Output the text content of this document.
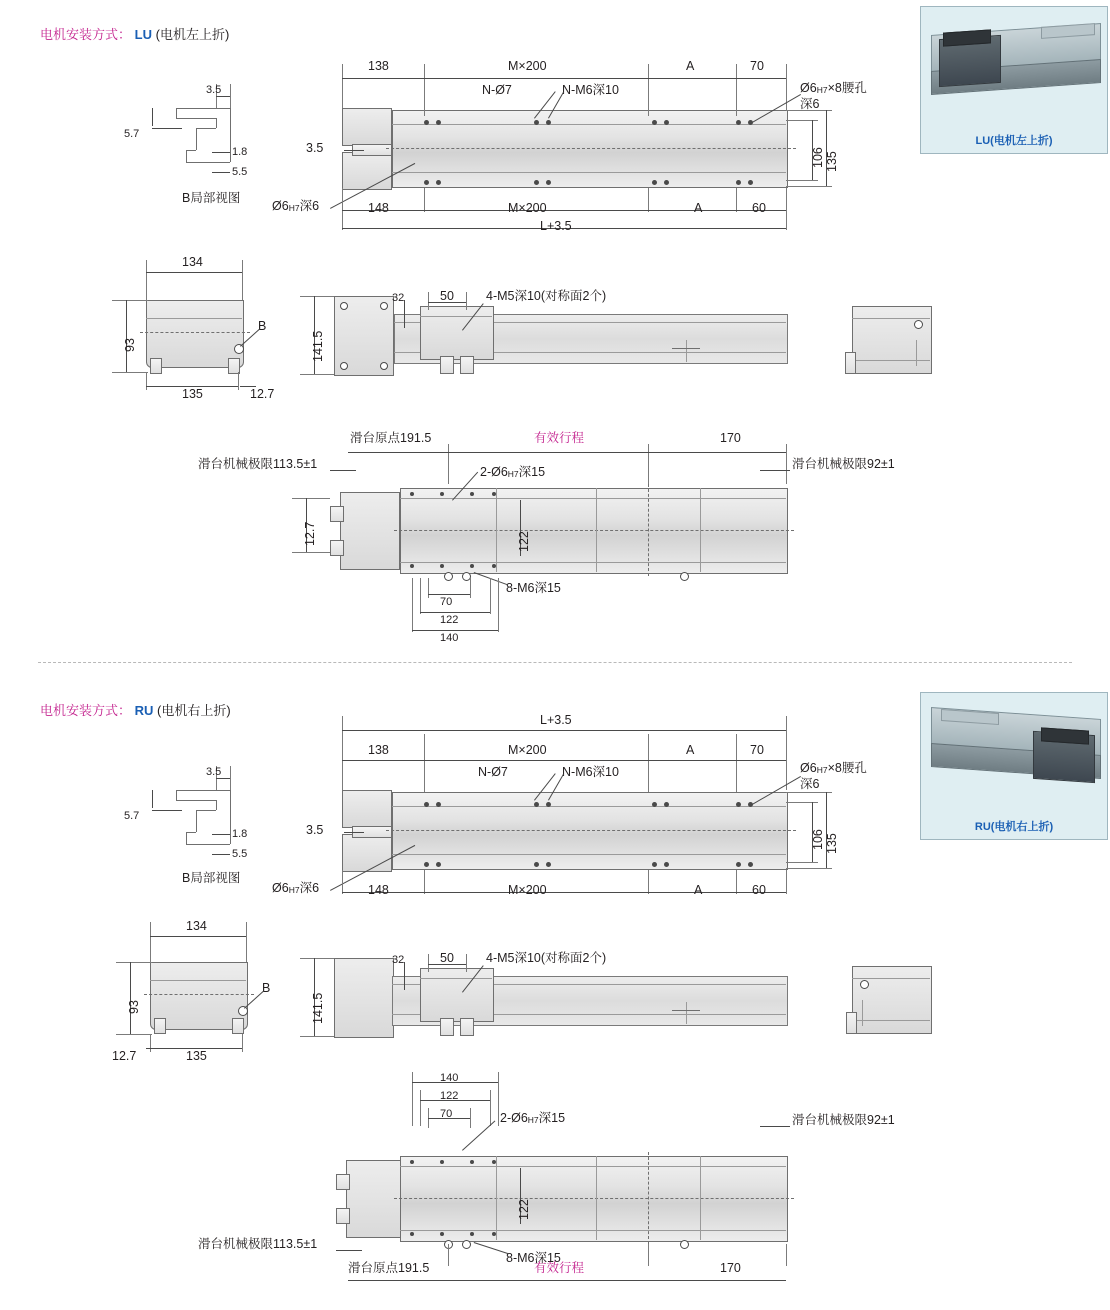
电机安装方式： LU (电机左上折)
LU(电机左上折)
3.5
5.7
1.8
5.5
B局部视图
138	M×200	A	70
N-Ø7	N-M6深10	Ø6H7×8腰孔
深6
Ø6H7深6
3.5	106 135
148	M×200	A	60
L+3.5
134
93
135	12.7
B
141.5
32	50	4-M5深10(对称面2个)
滑台原点191.5	有效行程	170
滑台机械极限113.5±1	滑台机械极限92±1
2-Ø6H7深15
8-M6深15
12.7	122
70
122
140
电机安装方式： RU (电机右上折)
RU(电机右上折)
3.5
5.7
1.8
5.5
B局部视图
L+3.5
138	M×200	A	70
N-Ø7	N-M6深10	Ø6H7×8腰孔
深6
Ø6H7深6
3.5	106 135
148	M×200	A	60
134
93
135
12.7
B
141.5
32	50	4-M5深10(对称面2个)
140
122
70	2-Ø6H7深15	滑台机械极限92±1
122
滑台机械极限113.5±1
8-M6深15
滑台原点191.5	有效行程	170
